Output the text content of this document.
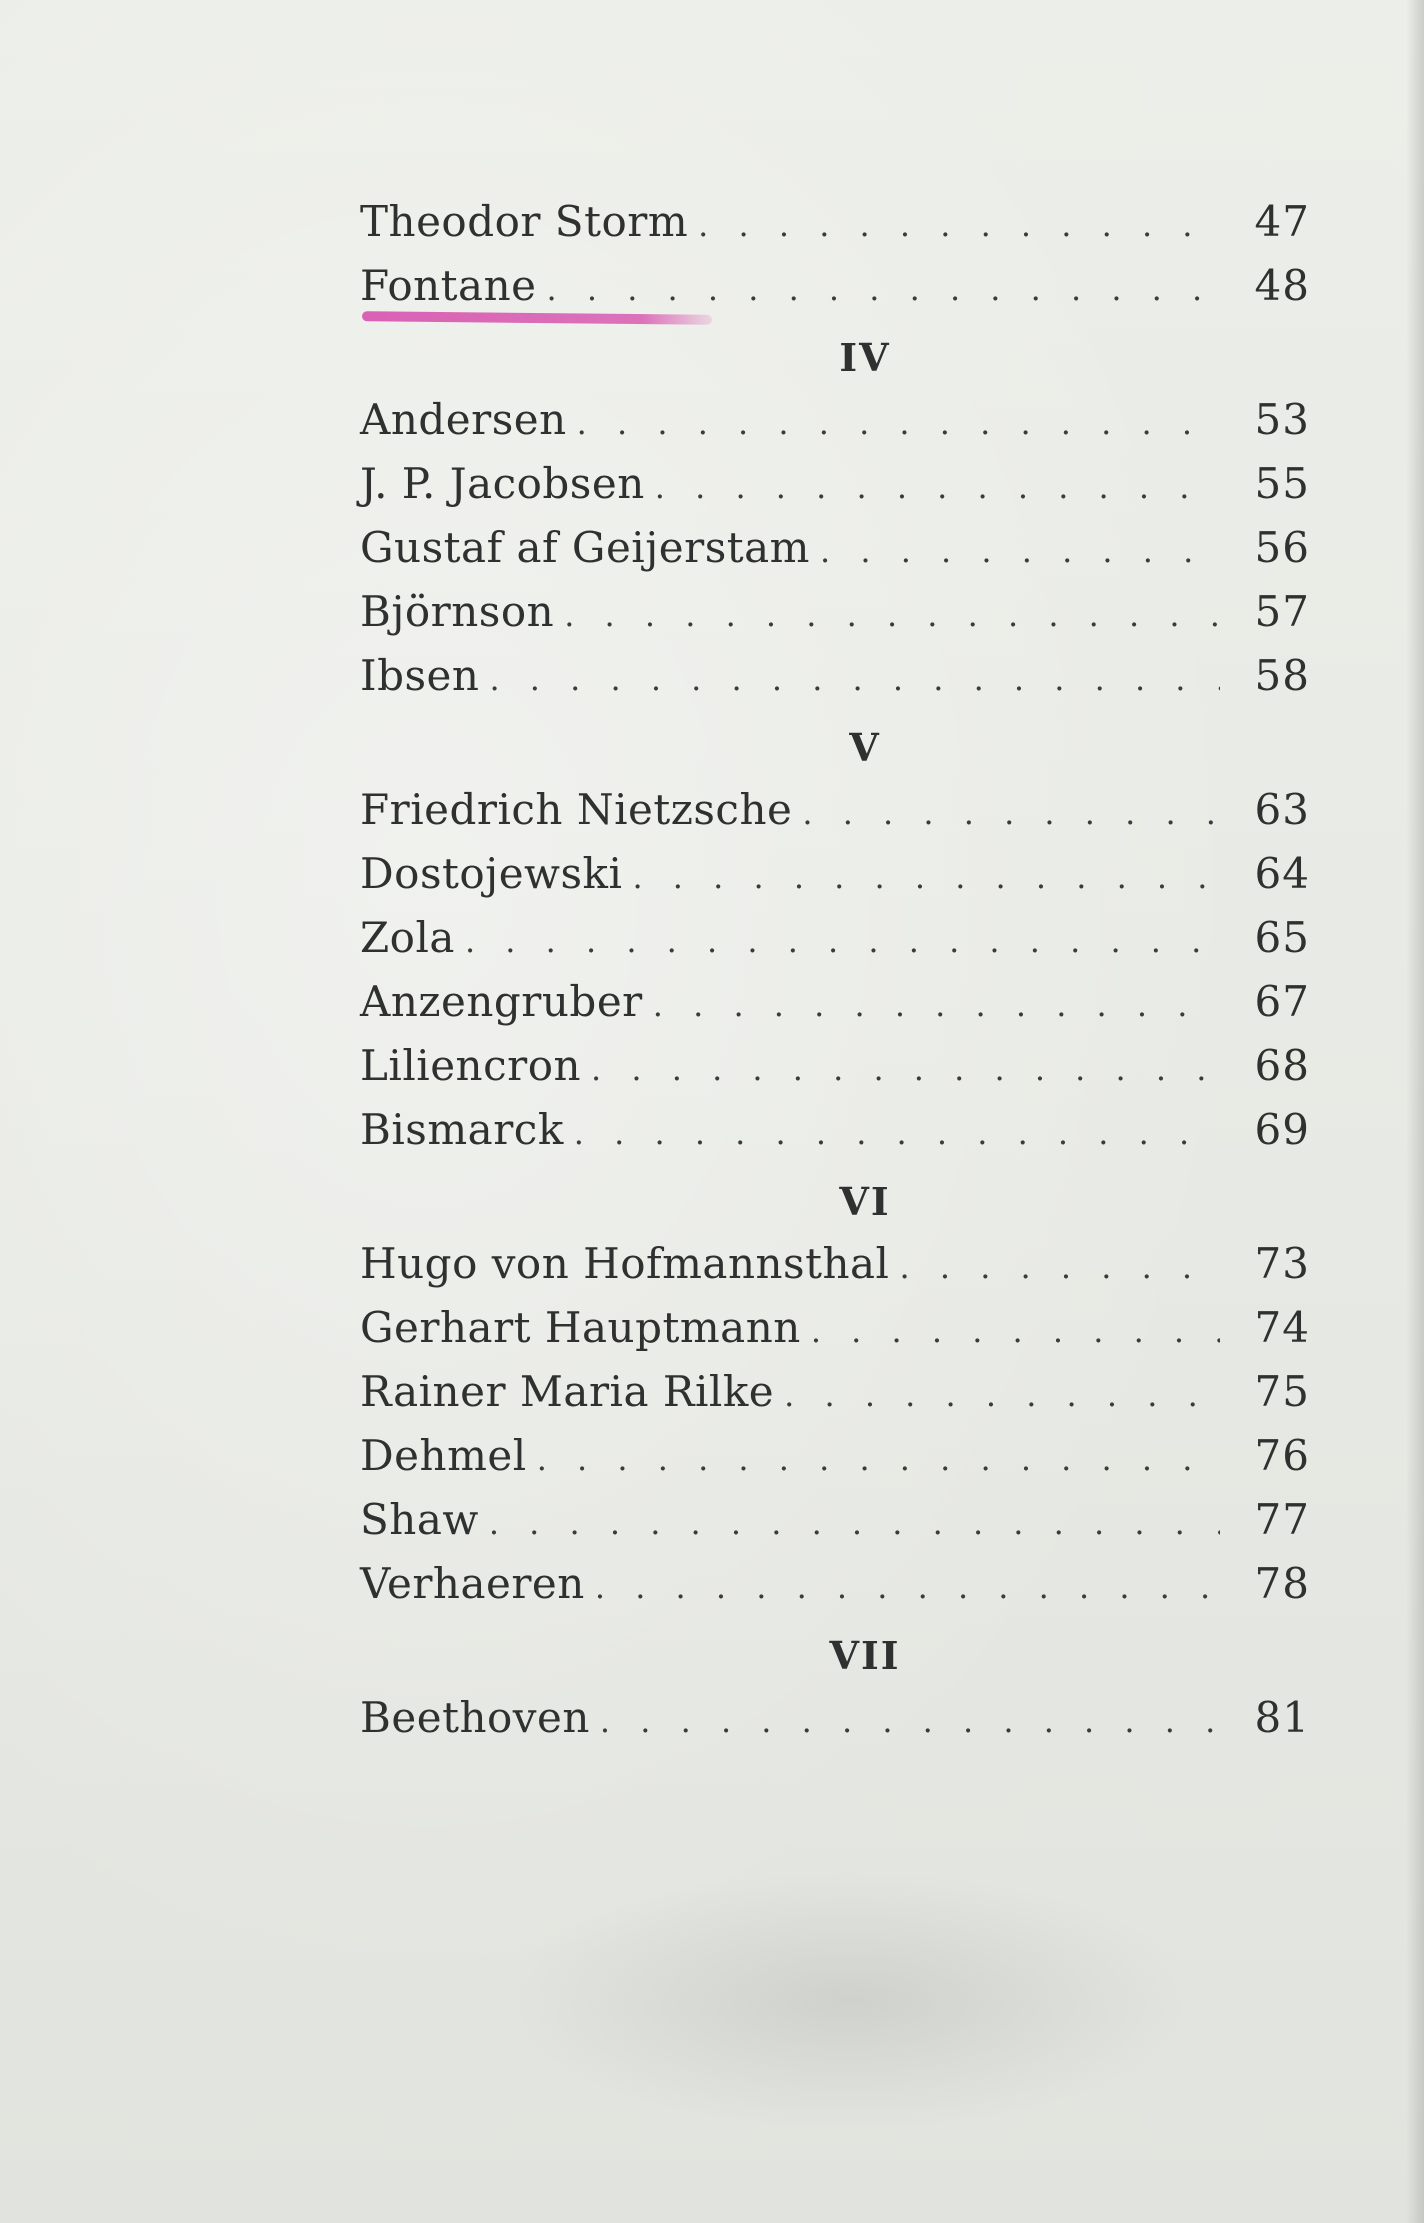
Theodor Storm . . .	47
Fontane . . .	48
IV
Andersen . . .	53
J. P. Jacobsen . . .	55
Gustaf af Geijerstam . . .	56
Björnson . . .	57
Ibsen . . .	58
V
Friedrich Nietzsche . . .	63
Dostojewski . . .	64
Zola . . .	65
Anzengruber . . .	67
Liliencron . . .	68
Bismarck . . .	69
VI
Hugo von Hofmannsthal . . .	73
Gerhart Hauptmann . . .	74
Rainer Maria Rilke . . .	75
Dehmel . . .	76
Shaw . . .	77
Verhaeren . . .	78
VII
Beethoven . . .	81
